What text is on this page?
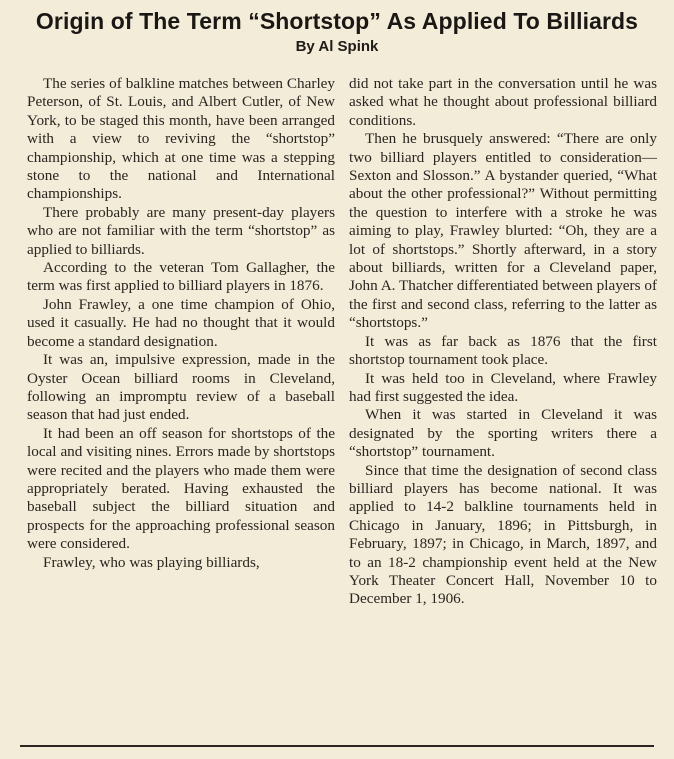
Origin of The Term “Shortstop” As Applied To Billiards
By Al Spink

The series of balkline matches between Charley Peterson, of St. Louis, and Albert Cutler, of New York, to be staged this month, have been arranged with a view to reviving the “shortstop” championship, which at one time was a stepping stone to the national and International championships.

There probably are many present-day players who are not familiar with the term “shortstop” as applied to billiards.

According to the veteran Tom Gallagher, the term was first applied to billiard players in 1876.

John Frawley, a one time champion of Ohio, used it casually. He had no thought that it would become a standard designation.

It was an, impulsive expression, made in the Oyster Ocean billiard rooms in Cleveland, following an impromptu review of a baseball season that had just ended.

It had been an off season for shortstops of the local and visiting nines. Errors made by shortstops were recited and the players who made them were appropriately berated. Having exhausted the baseball subject the billiard situation and prospects for the approaching professional season were considered.

Frawley, who was playing billiards,

did not take part in the conversation until he was asked what he thought about professional billiard conditions.

Then he brusquely answered: “There are only two billiard players entitled to consideration—Sexton and Slosson.” A bystander queried, “What about the other professional?” Without permitting the question to interfere with a stroke he was aiming to play, Frawley blurted: “Oh, they are a lot of shortstops.” Shortly afterward, in a story about billiards, written for a Cleveland paper, John A. Thatcher differentiated between players of the first and second class, referring to the latter as “shortstops.”

It was as far back as 1876 that the first shortstop tournament took place.

It was held too in Cleveland, where Frawley had first suggested the idea.

When it was started in Cleveland it was designated by the sporting writers there a “shortstop” tournament.

Since that time the designation of second class billiard players has become national. It was applied to 14-2 balkline tournaments held in Chicago in January, 1896; in Pittsburgh, in February, 1897; in Chicago, in March, 1897, and to an 18-2 championship event held at the New York Theater Concert Hall, November 10 to December 1, 1906.
